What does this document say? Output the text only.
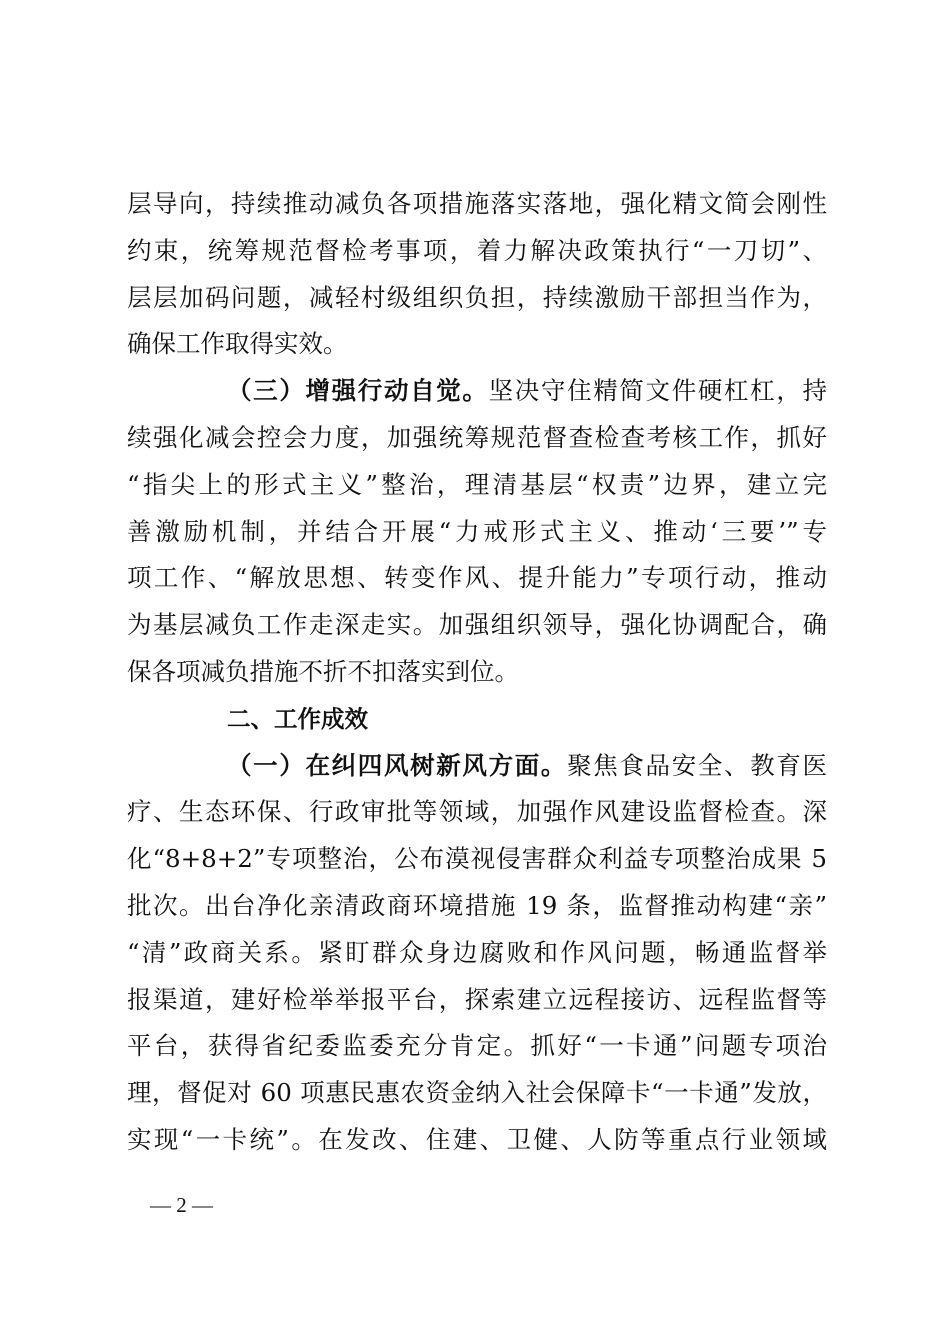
层导向，持续推动减负各项措施落实落地，强化精文简会刚性
约束，统筹规范督检考事项，着力解决政策执行“一刀切”、
层层加码问题，减轻村级组织负担，持续激励干部担当作为，
确保工作取得实效。
（三）增强行动自觉。坚决守住精简文件硬杠杠，持
续强化减会控会力度，加强统筹规范督查检查考核工作，抓好
“指尖上的形式主义”整治，理清基层“权责”边界，建立完
善激励机制，并结合开展“力戒形式主义、推动‘三要’”专
项工作、“解放思想、转变作风、提升能力”专项行动，推动
为基层减负工作走深走实。加强组织领导，强化协调配合，确
保各项减负措施不折不扣落实到位。
二、工作成效
（一）在纠四风树新风方面。聚焦食品安全、教育医
疗、生态环保、行政审批等领域，加强作风建设监督检查。深
化“8+8+2”专项整治，公布漠视侵害群众利益专项整治成果 5
批次。出台净化亲清政商环境措施 19 条，监督推动构建“亲”
“清”政商关系。紧盯群众身边腐败和作风问题，畅通监督举
报渠道，建好检举举报平台，探索建立远程接访、远程监督等
平台，获得省纪委监委充分肯定。抓好“一卡通”问题专项治
理，督促对 60 项惠民惠农资金纳入社会保障卡“一卡通”发放，
实现“一卡统”。在发改、住建、卫健、人防等重点行业领域
— 2 —
